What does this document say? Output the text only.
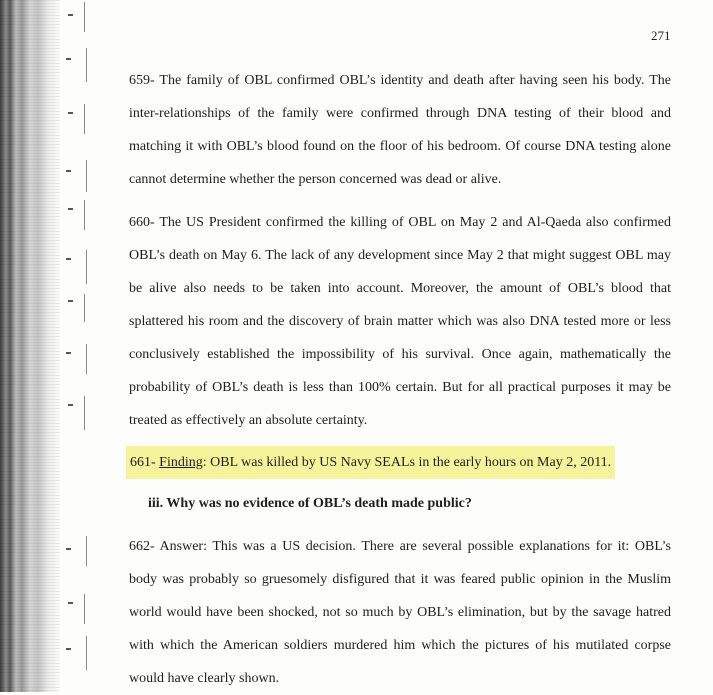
271

659- The family of OBL confirmed OBL’s identity and death after having seen his body. The inter-relationships of the family were confirmed through DNA testing of their blood and matching it with OBL’s blood found on the floor of his bedroom. Of course DNA testing alone cannot determine whether the person concerned was dead or alive.

660- The US President confirmed the killing of OBL on May 2 and Al-Qaeda also confirmed OBL’s death on May 6. The lack of any development since May 2 that might suggest OBL may be alive also needs to be taken into account. Moreover, the amount of OBL’s blood that splattered his room and the discovery of brain matter which was also DNA tested more or less conclusively established the impossibility of his survival. Once again, mathematically the probability of OBL’s death is less than 100% certain. But for all practical purposes it may be treated as effectively an absolute certainty.

661- Finding: OBL was killed by US Navy SEALs in the early hours on May 2, 2011.

iii. Why was no evidence of OBL’s death made public?

662- Answer: This was a US decision. There are several possible explanations for it: OBL’s body was probably so gruesomely disfigured that it was feared public opinion in the Muslim world would have been shocked, not so much by OBL’s elimination, but by the savage hatred with which the American soldiers murdered him which the pictures of his mutilated corpse would have clearly shown.
